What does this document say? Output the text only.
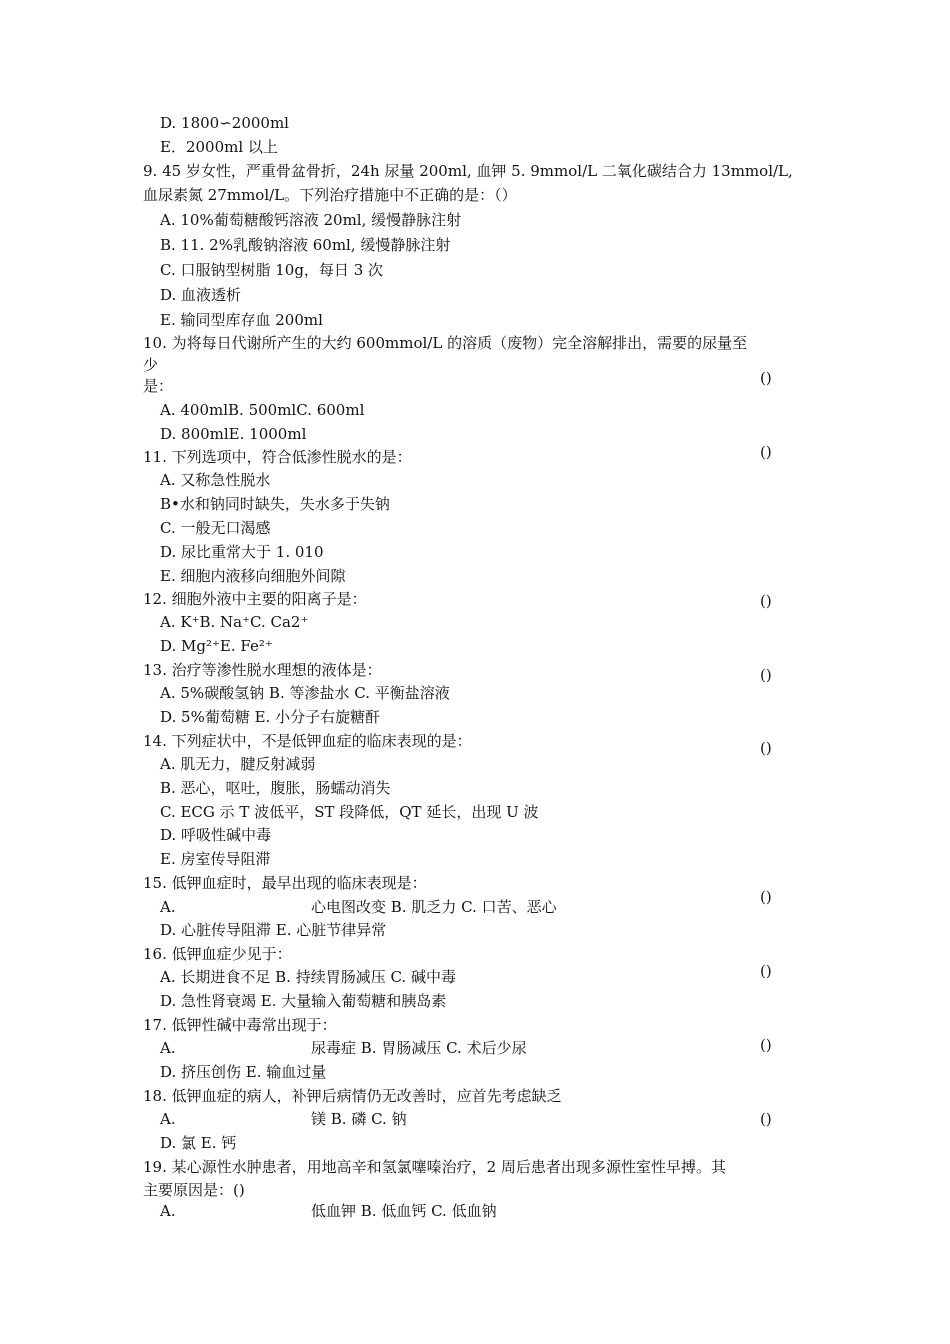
D. 1800∽2000ml
E．2000ml 以上
9. 45 岁女性，严重骨盆骨折，24h 尿量 200ml, 血钾 5. 9mmol/L 二氧化碳结合力 13mmol/L,
血尿素氮 27mmol/L。下列治疗措施中不正确的是：（）
A. 10%葡萄糖酸钙溶液 20ml, 缓慢静脉注射
B. 11. 2%乳酸钠溶液 60ml, 缓慢静脉注射
C. 口服钠型树脂 10g，每日 3 次
D. 血液透析
E. 输同型库存血 200ml
10. 为将每日代谢所产生的大约 600mmol/L 的溶质（废物）完全溶解排出，需要的尿量至
少
是：	()
A. 400mlB. 500mlC. 600ml
D. 800mlE. 1000ml
11. 下列选项中，符合低渗性脱水的是：	()
A. 又称急性脱水
B•水和钠同时缺失，失水多于失钠
C. 一般无口渴感
D. 尿比重常大于 1. 010
E. 细胞内液移向细胞外间隙
12. 细胞外液中主要的阳离子是：	()
A. K⁺B. Na⁺C. Ca2⁺
D. Mg²⁺E. Fe²⁺
13. 治疗等渗性脱水理想的液体是：	()
A. 5%碳酸氢钠 B. 等渗盐水 C. 平衡盐溶液
D. 5%葡萄糖 E. 小分子右旋糖酐
14. 下列症状中，不是低钾血症的临床表现的是：	()
A. 肌无力，腱反射减弱
B. 恶心，呕吐，腹胀，肠蠕动消失
C. ECG 示 T 波低平，ST 段降低，QT 延长，出现 U 波
D. 呼吸性碱中毒
E. 房室传导阻滞
15. 低钾血症时，最早出现的临床表现是：
()
A.	心电图改变 B. 肌乏力 C. 口苦、恶心
D. 心脏传导阻滞 E. 心脏节律异常
16. 低钾血症少见于：
()
A. 长期进食不足 B. 持续胃肠减压 C. 碱中毒
D. 急性肾衰竭 E. 大量输入葡萄糖和胰岛素
17. 低钾性碱中毒常出现于：
()
A.	尿毒症 B. 胃肠减压 C. 术后少尿
D. 挤压创伤 E. 输血过量
18. 低钾血症的病人，补钾后病情仍无改善时，应首先考虑缺乏
()
A.	镁 B. 磷 C. 钠
D. 氯 E. 钙
19. 某心源性水肿患者，用地高辛和氢氯噻嗪治疗，2 周后患者出现多源性室性早搏。其
主要原因是：()
A.	低血钾 B. 低血钙 C. 低血钠
